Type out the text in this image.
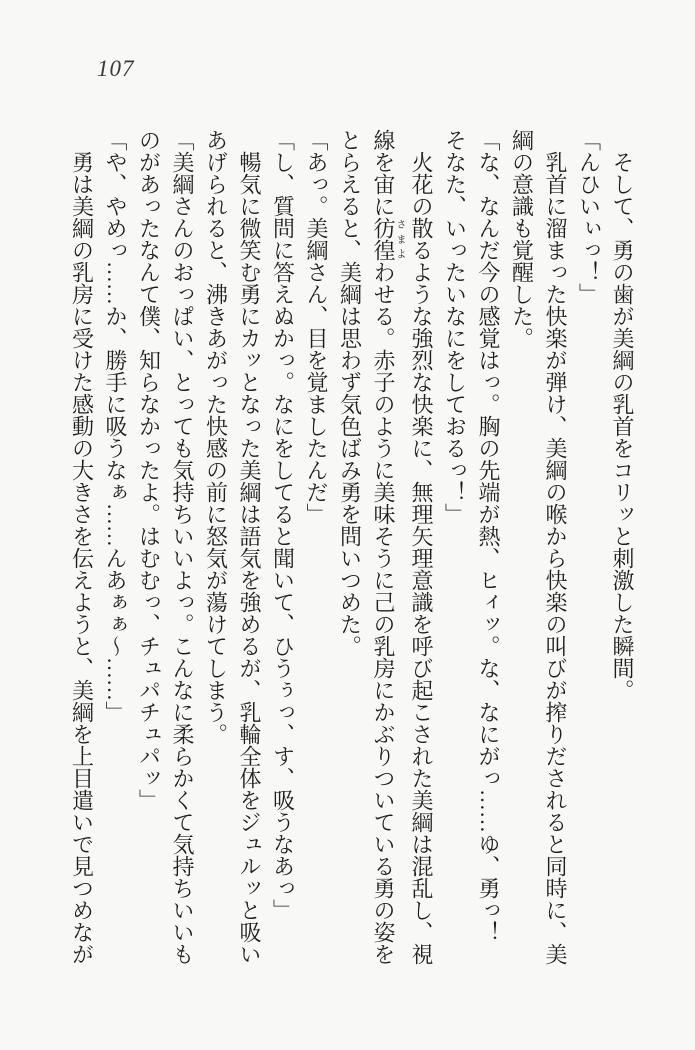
107

そして、勇の歯が美綱の乳首をコリッと刺激した瞬間。

「んひいぃっ！」

乳首に溜まった快楽が弾け、美綱の喉から快楽の叫びが搾りだされると同時に、美

綱の意識も覚醒した。

「な、なんだ今の感覚はっ。胸の先端が熱、ヒィッ。な、なにがっ……ゆ、勇っ！

そなた、いったいなにをしておるっ！」

火花の散るような強烈な快楽に、無理矢理意識を呼び起こされた美綱は混乱し、視

線を宙に彷徨さまよわせる。赤子のように美味そうに己の乳房にかぶりついている勇の姿を

とらえると、美綱は思わず気色ばみ勇を問いつめた。

「あっ。美綱さん、目を覚ましたんだ」

「し、質問に答えぬかっ。なにをしてると聞いて、ひうぅっ、す、吸うなあっ」

暢気に微笑む勇にカッとなった美綱は語気を強めるが、乳輪全体をジュルッと吸い

あげられると、沸きあがった快感の前に怒気が蕩けてしまう。

「美綱さんのおっぱい、とっても気持ちいいよっ。こんなに柔らかくて気持ちいいも

のがあったなんて僕、知らなかったよ。はむむっ、チュパチュパッ」

「や、やめっ……か、勝手に吸うなぁ……んあぁぁ～……」

勇は美綱の乳房に受けた感動の大きさを伝えようと、美綱を上目遣いで見つめなが
